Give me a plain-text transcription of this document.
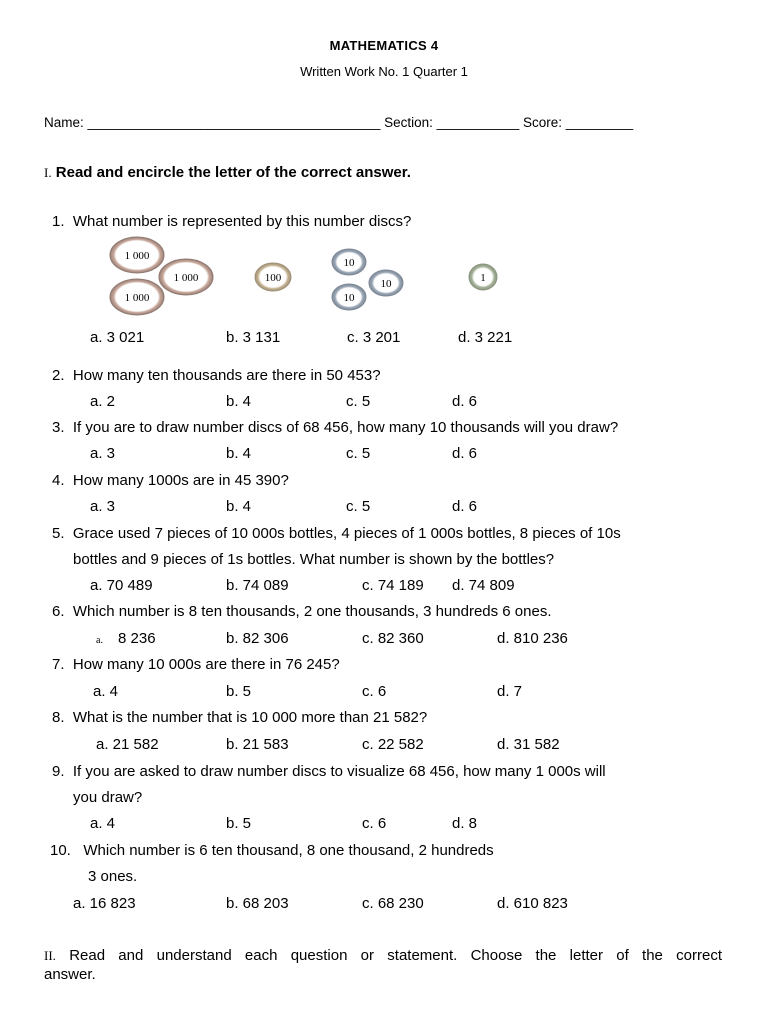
MATHEMATICS 4
Written Work No. 1 Quarter 1
Name: _______________________________________ Section: ___________ Score: _________
I. Read and encircle the letter of the correct answer.
1. What number is represented by this number discs?
1 000
1 000
1 000
100
10
10
10
1
a. 3 021	b. 3 131	c. 3 201	d. 3 221
2. How many ten thousands are there in 50 453?
a. 2	b. 4	c. 5	d. 6
3. If you are to draw number discs of 68 456, how many 10 thousands will you draw?
a. 3	b. 4	c. 5	d. 6
4. How many 1000s are in 45 390?
a. 3	b. 4	c. 5	d. 6
5. Grace used 7 pieces of 10 000s bottles, 4 pieces of 1 000s bottles, 8 pieces of 10s
bottles and 9 pieces of 1s bottles. What number is shown by the bottles?
a. 70 489	b. 74 089	c. 74 189 d. 74 809
6. Which number is 8 ten thousands, 2 one thousands, 3 hundreds 6 ones.
a. 8 236	b. 82 306	c. 82 360	d. 810 236
7. How many 10 000s are there in 76 245?
a. 4	b. 5	c. 6	d. 7
8. What is the number that is 10 000 more than 21 582?
a. 21 582	b. 21 583	c. 22 582	d. 31 582
9. If you are asked to draw number discs to visualize 68 456, how many 1 000s will
you draw?
a. 4	b. 5	c. 6	d. 8
10. Which number is 6 ten thousand, 8 one thousand, 2 hundreds
3 ones.
a. 16 823	b. 68 203	c. 68 230	d. 610 823
II. Read and understand each question or statement. Choose the letter of the correct
answer.
